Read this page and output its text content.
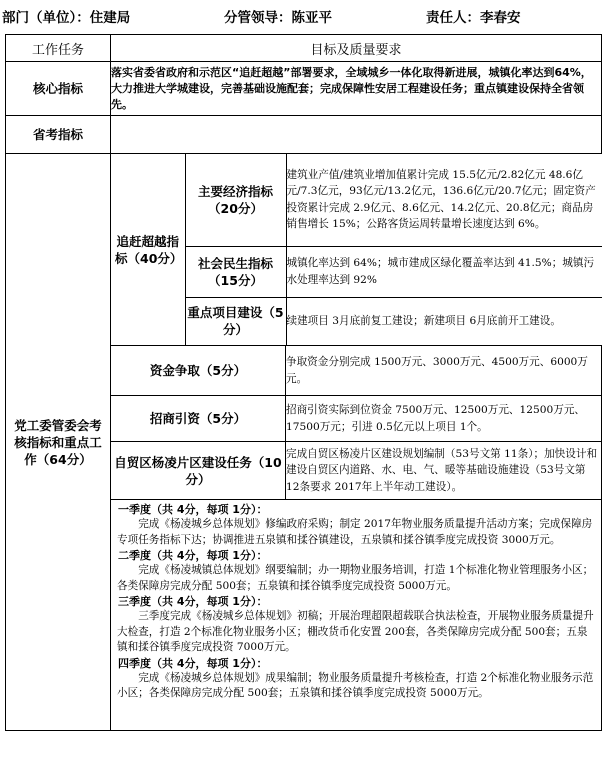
部门（单位）：住建局	分管领导：陈亚平	责任人：李春安
工作任务	目标及质量要求
核心指标	落实省委省政府和示范区“追赶超越”部署要求，全域城乡一体化取得新进展，城镇化率达到64%，大力推进大学城建设，完善基础设施配套；完成保障性安居工程建设任务；重点镇建设保持全省领先。
省考指标	
党工委管委会考核指标和重点工作（64分）	
追赶超越指标（40分）	主要经济指标（20分）	建筑业产值/建筑业增加值累计完成 15.5亿元/2.82亿元 48.6亿元/7.3亿元，93亿元/13.2亿元，136.6亿元/20.7亿元；固定资产投资累计完成 2.9亿元、8.6亿元、14.2亿元、20.8亿元；商品房销售增长 15%；公路客货运周转量增长速度达到 6%。
社会民生指标（15分）	城镇化率达到 64%；城市建成区绿化覆盖率达到 41.5%；城镇污水处理率达到 92%
重点项目建设（5分）	续建项目 3月底前复工建设；新建项目 6月底前开工建设。

资金争取（5分）	争取资金分别完成 1500万元、3000万元、4500万元、6000万元。
招商引资（5分）	招商引资实际到位资金 7500万元、12500万元、12500万元、17500万元；引进 0.5亿元以上项目 1个。
自贸区杨凌片区建设任务（10分）	完成自贸区杨凌片区建设规划编制（53号文第 11条）；加快设计和建设自贸区内道路、水、电、气、暖等基础设施建设（53号文第 12条要求 2017年上半年动工建设）。

一季度（共 4分，每项 1分）：

完成《杨凌城乡总体规划》修编政府采购；制定 2017年物业服务质量提升活动方案；完成保障房专项任务指标下达；协调推进五泉镇和揉谷镇建设，五泉镇和揉谷镇季度完成投资 3000万元。

二季度（共 4分，每项 1分）：

完成《杨凌城镇总体规划》纲要编制；办一期物业服务培训，打造 1个标准化物业管理服务小区；各类保障房完成分配 500套；五泉镇和揉谷镇季度完成投资 5000万元。

三季度（共 4分，每项 1分）：

三季度完成《杨凌城乡总体规划》初稿；开展治理超限超载联合执法检查，开展物业服务质量提升大检查，打造 2个标准化物业服务小区；棚改货币化安置 200套，各类保障房完成分配 500套；五泉镇和揉谷镇季度完成投资 7000万元。

四季度（共 4分，每项 1分）：

完成《杨凌城乡总体规划》成果编制；物业服务质量提升考核检查，打造 2个标准化物业服务示范小区；各类保障房完成分配 500套；五泉镇和揉谷镇季度完成投资 5000万元。
